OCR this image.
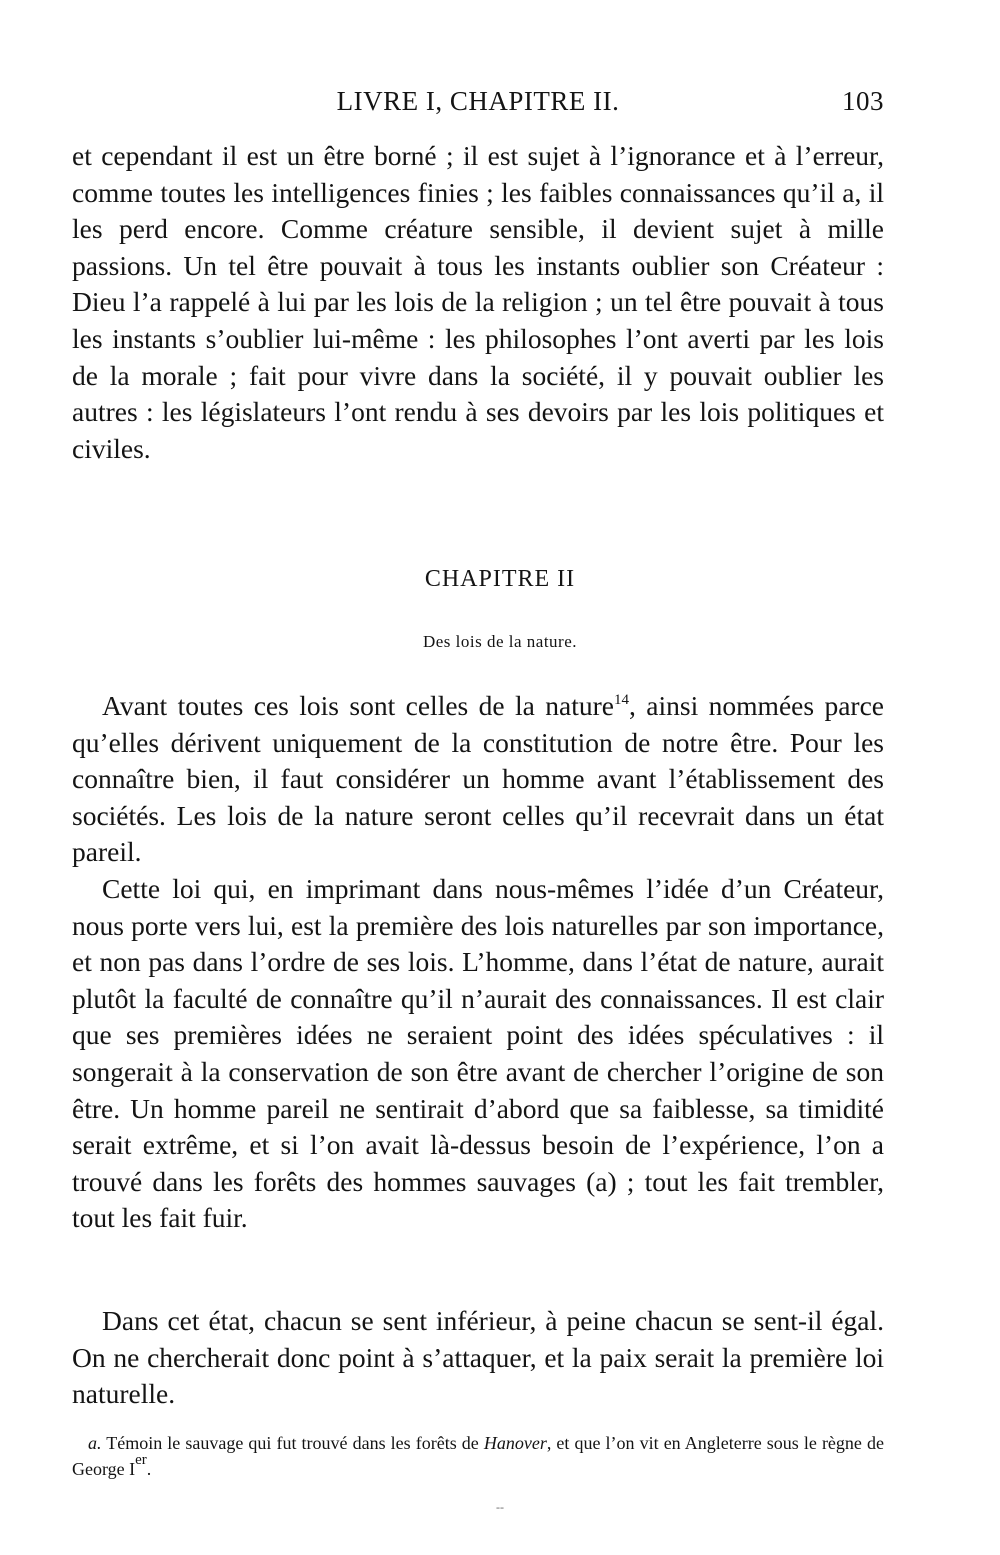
LIVRE I, CHAPITRE II.	103

et cependant il est un être borné ; il est sujet à l’ignorance et à l’erreur, comme toutes les intelligences finies ; les faibles connaissances qu’il a, il les perd encore. Comme créature sensible, il devient sujet à mille passions. Un tel être pouvait à tous les instants oublier son Créateur : Dieu l’a rappelé à lui par les lois de la religion ; un tel être pouvait à tous les instants s’oublier lui-même : les philosophes l’ont averti par les lois de la morale ; fait pour vivre dans la société, il y pouvait oublier les autres : les législateurs l’ont rendu à ses devoirs par les lois politiques et civiles.

CHAPITRE II
Des lois de la nature.

Avant toutes ces lois sont celles de la nature$^{14}$, ainsi nommées parce qu’elles dérivent uniquement de la constitution de notre être. Pour les connaître bien, il faut considérer un homme avant l’établissement des sociétés. Les lois de la nature seront celles qu’il recevrait dans un état pareil.

Cette loi qui, en imprimant dans nous-mêmes l’idée d’un Créateur, nous porte vers lui, est la première des lois naturelles par son importance, et non pas dans l’ordre de ses lois. L’homme, dans l’état de nature, aurait plutôt la faculté de connaître qu’il n’aurait des connaissances. Il est clair que ses premières idées ne seraient point des idées spéculatives : il songerait à la conservation de son être avant de chercher l’origine de son être. Un homme pareil ne sentirait d’abord que sa faiblesse, sa timidité serait extrême, et si l’on avait là-dessus besoin de l’expérience, l’on a trouvé dans les forêts des hommes sauvages (a) ; tout les fait trembler, tout les fait fuir.

Dans cet état, chacun se sent inférieur, à peine chacun se sent-il égal. On ne chercherait donc point à s’attaquer, et la paix serait la première loi naturelle.

a. Témoin le sauvage qui fut trouvé dans les forêts de Hanover, et que l’on vit en Angleterre sous le règne de George Ier.

--
